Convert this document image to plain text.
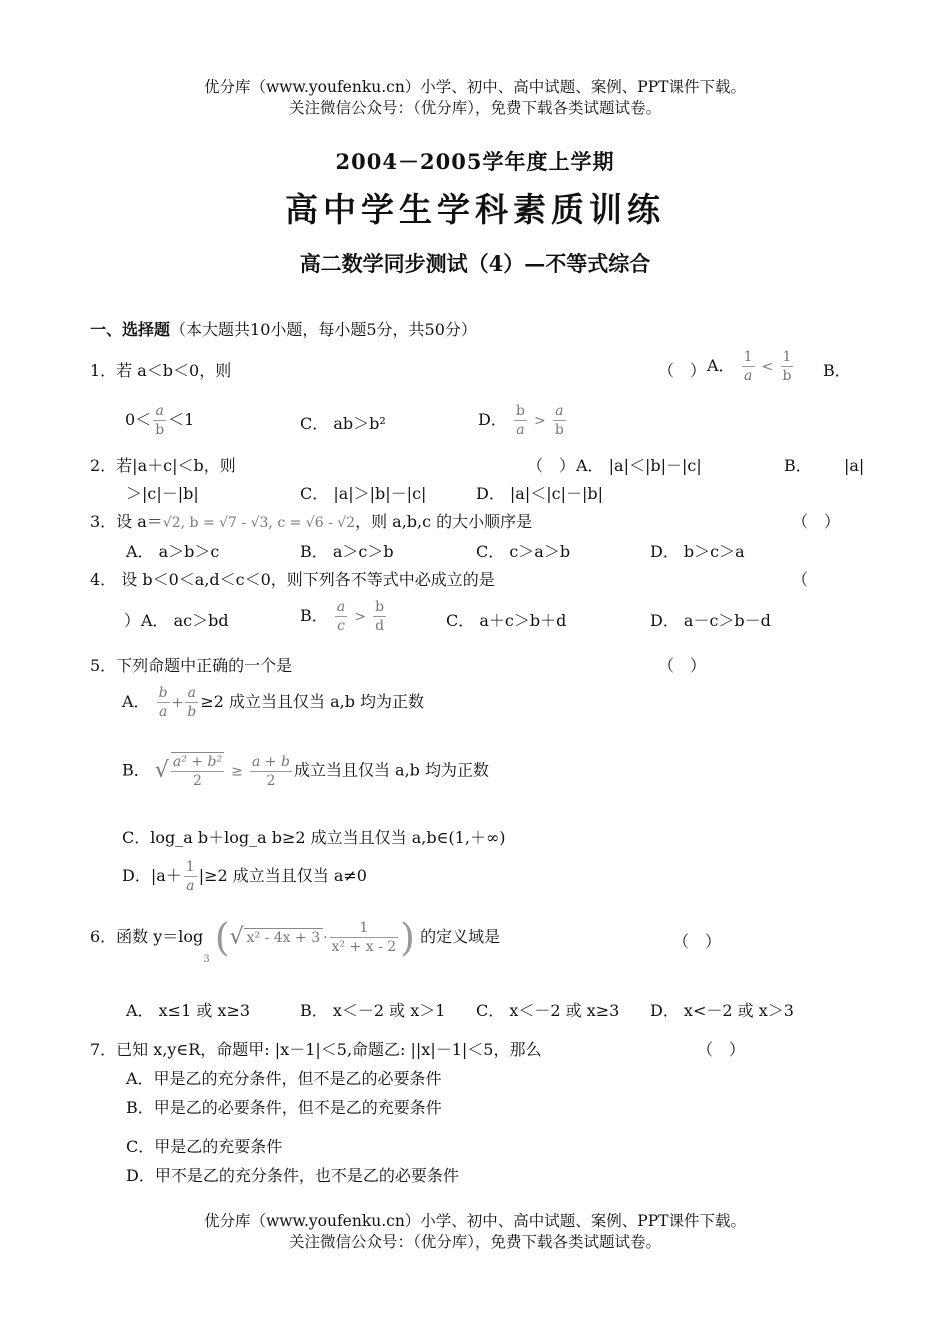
优分库（www.youfenku.cn）小学、初中、高中试题、案例、PPT课件下载。
关注微信公众号：（优分库），免费下载各类试题试卷。
2004－2005学年度上学期
高中学生学科素质训练
高二数学同步测试（4）—不等式综合
一、选择题（本大题共10小题，每小题5分，共50分）
1．若 a＜b＜0，则	（　） A． $\frac{1}{a} < \frac{1}{b}$ B．
$0< \frac{a}{b} <1$	C． ab＞b²	D． $\frac{b}{a} > \frac{a}{b}$
2．若|a＋c|＜b，则	（　） A． |a|＜|b|－|c|	B． |a|
＞|c|－|b|	C． |a|＞|b|－|c|	D． |a|＜|c|－|b|
3．设 a＝√2, b = √7 - √3, c = √6 - √2，则 a,b,c 的大小顺序是	（　）
A． a＞b＞c	B． a＞c＞b	C． c＞a＞b	D． b＞c＞a
4． 设 b＜0＜a,d＜c＜0，则下列各不等式中必成立的是	（
） A． ac＞bd	B． $\frac{a}{c} > \frac{b}{d}$	C． a＋c＞b＋d	D． a－c＞b－d
5．下列命题中正确的一个是	（　）
A． $\frac{b}{a} + \frac{a}{b} \ge 2$ 成立当且仅当 a,b 均为正数
B． √ $\frac{\text{a² + b²}}{2} \ge \frac{a + b}{2}$ 成立当且仅当 a,b 均为正数
C．log_a b＋log_a b≥2 成立当且仅当 a,b∈(1,＋∞)
D．$|a+ \frac{1}{a} |\ge 2$ 成立当且仅当 a≠0
6．函数 $y=\log_3$ (√ $x^2 - 4x + 3 \cdot \frac{1}{\text{x² + x - 2}}$ ) 的定义域是	（　）
A． x≤1 或 x≥3	B． x＜－2 或 x＞1 C． x＜－2 或 x≥3 D． x<－2 或 x＞3
7．已知 x,y∈R，命题甲: |x－1|＜5,命题乙: ||x|－1|＜5，那么	（　）
A．甲是乙的充分条件，但不是乙的必要条件
B．甲是乙的必要条件，但不是乙的充要条件
C．甲是乙的充要条件
D．甲不是乙的充分条件，也不是乙的必要条件
优分库（www.youfenku.cn）小学、初中、高中试题、案例、PPT课件下载。
关注微信公众号：（优分库），免费下载各类试题试卷。
